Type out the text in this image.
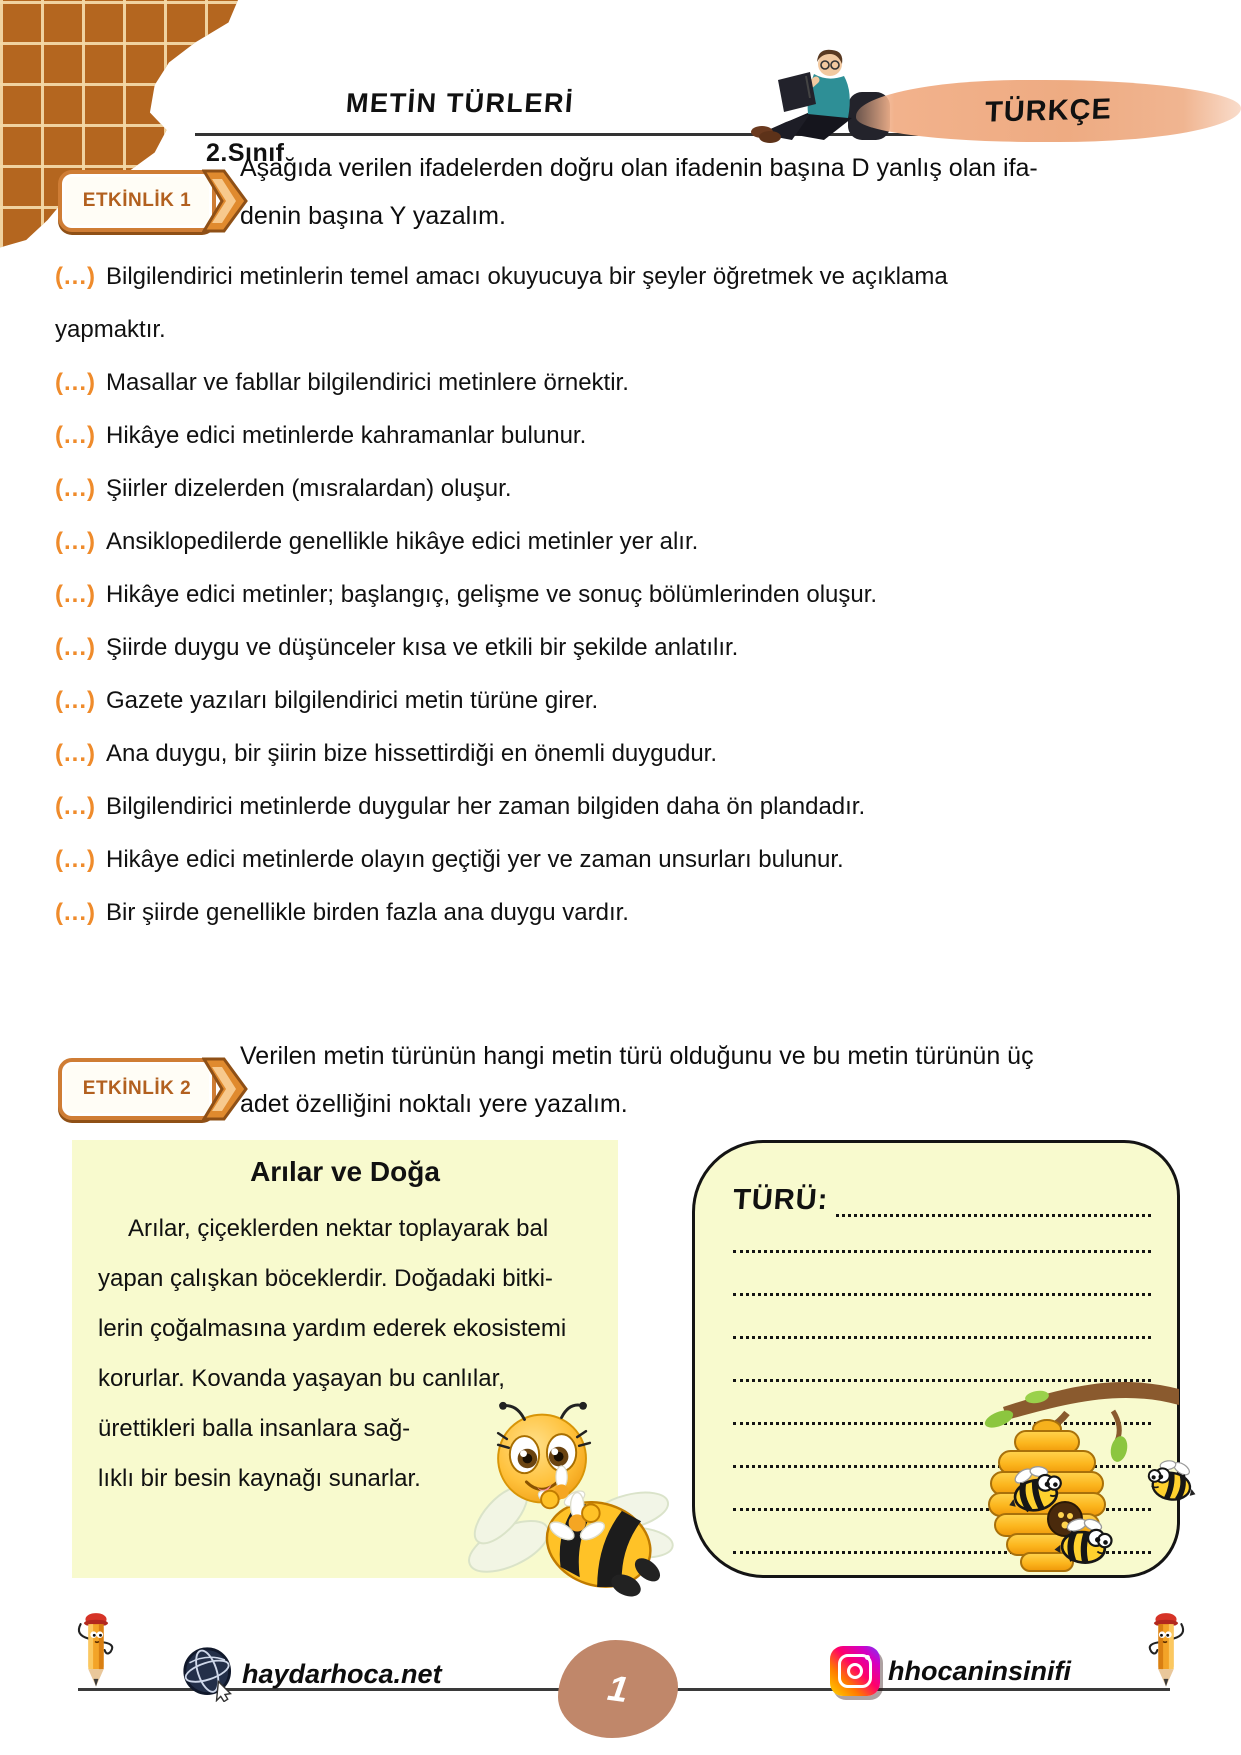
METİN TÜRLERİ
2.Sınıf
TÜRKÇE
ETKİNLİK 1
Aşağıda verilen ifadelerden doğru olan ifadenin başına D yanlış olan ifa-
denin başına Y yazalım.
(...) Bilgilendirici metinlerin temel amacı okuyucuya bir şeyler öğretmek ve açıklama yapmaktır.
(...) Masallar ve fabllar bilgilendirici metinlere örnektir.
(...) Hikâye edici metinlerde kahramanlar bulunur.
(...) Şiirler dizelerden (mısralardan) oluşur.
(...) Ansiklopedilerde genellikle hikâye edici metinler yer alır.
(...) Hikâye edici metinler; başlangıç, gelişme ve sonuç bölümlerinden oluşur.
(...) Şiirde duygu ve düşünceler kısa ve etkili bir şekilde anlatılır.
(...) Gazete yazıları bilgilendirici metin türüne girer.
(...) Ana duygu, bir şiirin bize hissettirdiği en önemli duygudur.
(...) Bilgilendirici metinlerde duygular her zaman bilgiden daha ön plandadır.
(...) Hikâye edici metinlerde olayın geçtiği yer ve zaman unsurları bulunur.
(...) Bir şiirde genellikle birden fazla ana duygu vardır.
ETKİNLİK 2
Verilen metin türünün hangi metin türü olduğunu ve bu metin türünün üç
adet özelliğini noktalı yere yazalım.
Arılar ve Doğa
Arılar, çiçeklerden nektar toplayarak bal
yapan çalışkan böceklerdir. Doğadaki bitki-
lerin çoğalmasına yardım ederek ekosistemi
korurlar. Kovanda yaşayan bu canlılar,
ürettikleri balla insanlara sağ-
lıklı bir besin kaynağı sunarlar.
TÜRÜ:
haydarhoca.net	1	hhocaninsinifi
